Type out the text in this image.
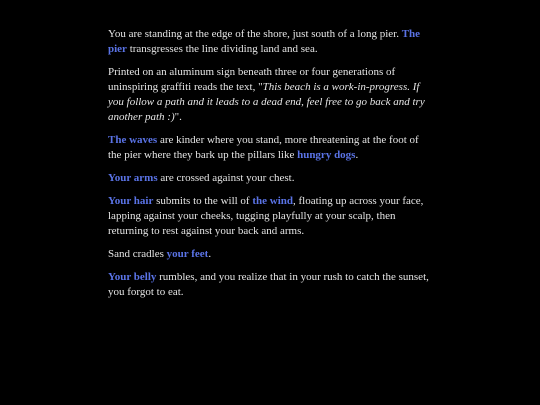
You are standing at the edge of the shore, just south of a long pier. The pier transgresses the line dividing land and sea.

Printed on an aluminum sign beneath three or four generations of uninspiring graffiti reads the text, "This beach is a work-in-progress. If you follow a path and it leads to a dead end, feel free to go back and try another path :)".

The waves are kinder where you stand, more threatening at the foot of the pier where they bark up the pillars like hungry dogs.

Your arms are crossed against your chest.

Your hair submits to the will of the wind, floating up across your face, lapping against your cheeks, tugging playfully at your scalp, then returning to rest against your back and arms.

Sand cradles your feet.

Your belly rumbles, and you realize that in your rush to catch the sunset, you forgot to eat.
